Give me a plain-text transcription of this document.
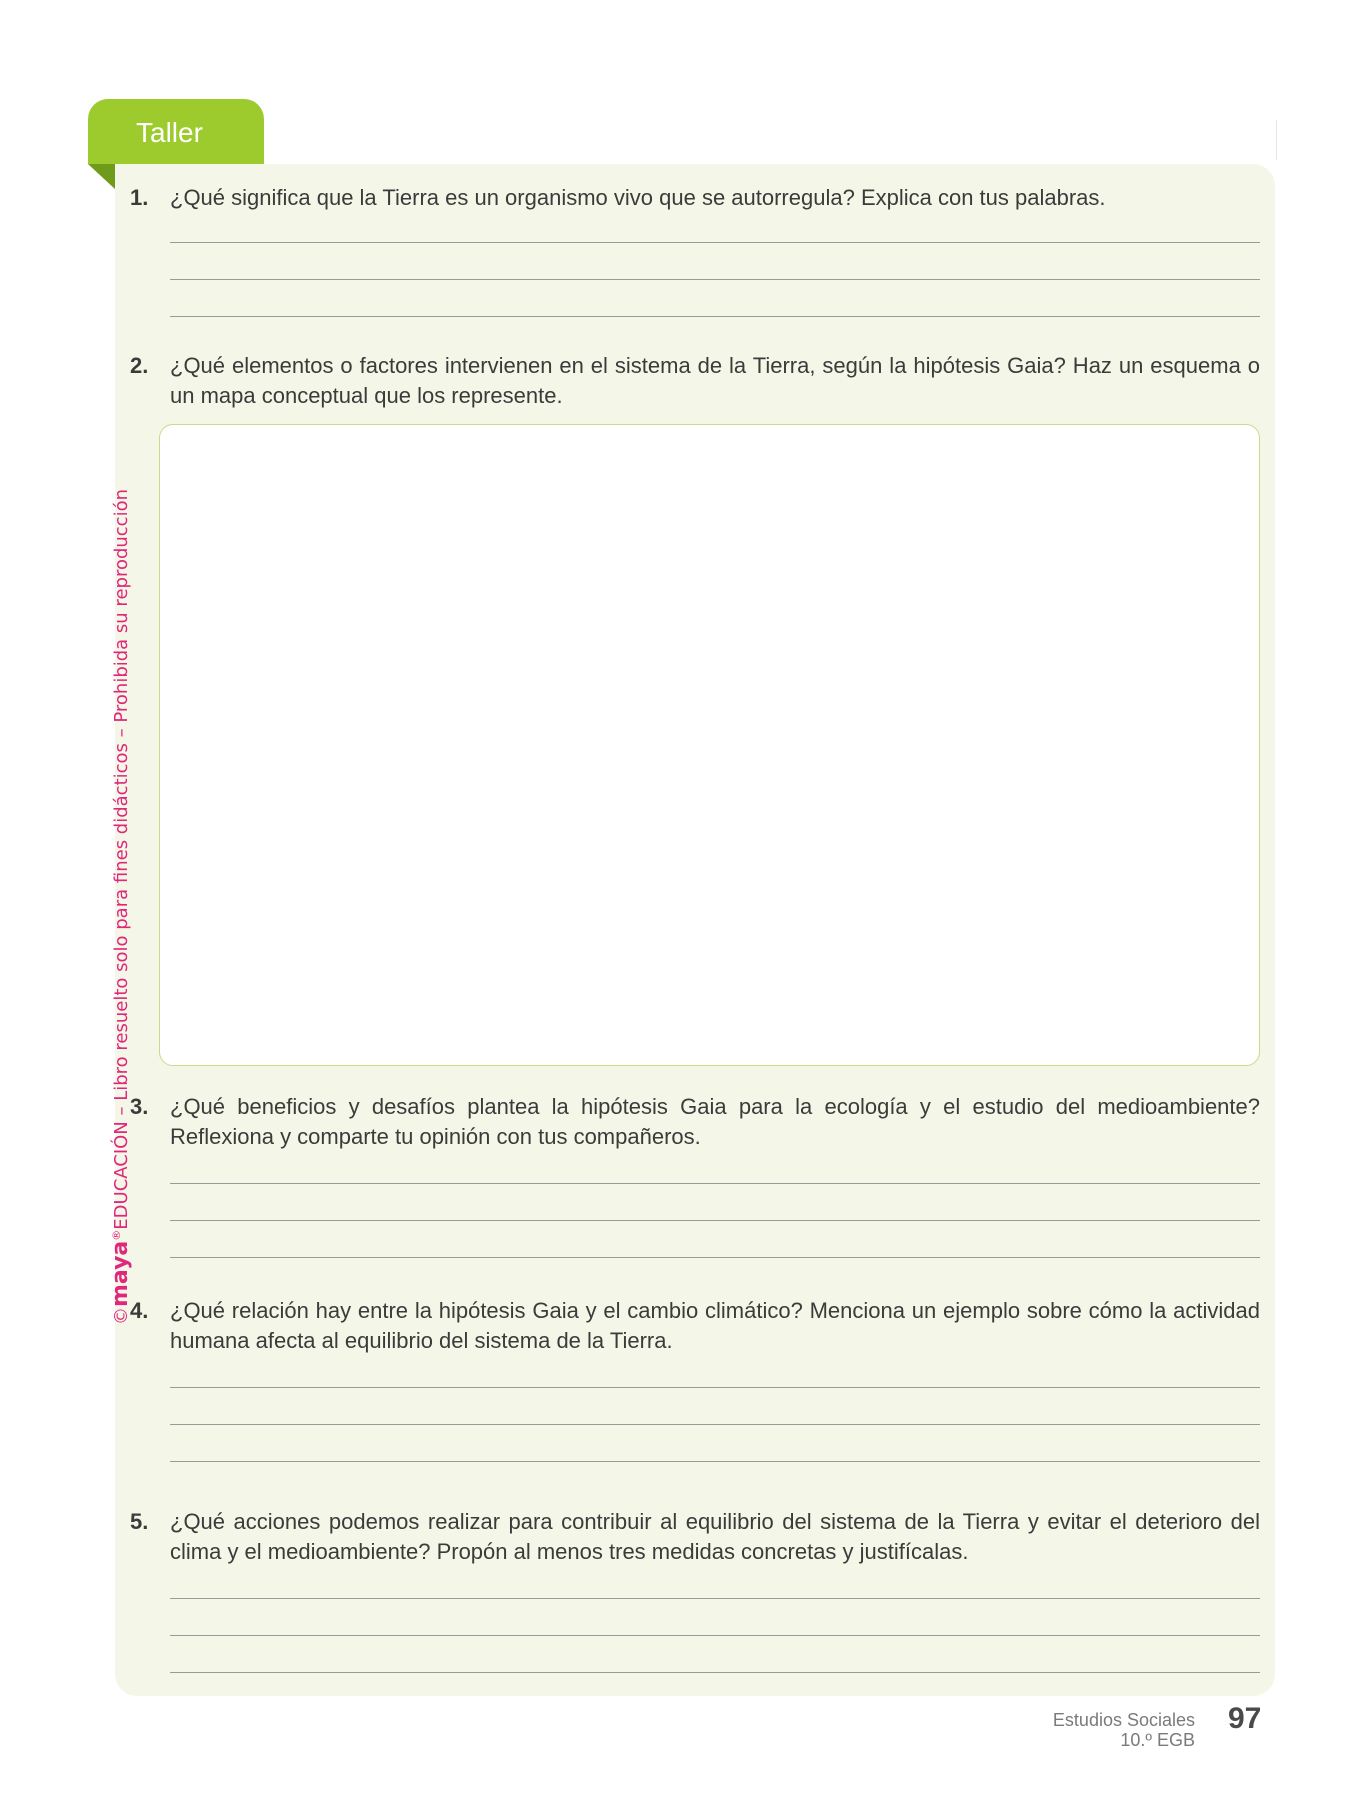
Taller
1. ¿Qué significa que la Tierra es un organismo vivo que se autorregula? Explica con tus palabras.
2. ¿Qué elementos o factores intervienen en el sistema de la Tierra, según la hipótesis Gaia? Haz un esquema o un mapa conceptual que los represente.
3. ¿Qué beneficios y desafíos plantea la hipótesis Gaia para la ecología y el estudio del medioambiente? Reflexiona y comparte tu opinión con tus compañeros.
4. ¿Qué relación hay entre la hipótesis Gaia y el cambio climático? Menciona un ejemplo sobre cómo la actividad humana afecta al equilibrio del sistema de la Tierra.
5. ¿Qué acciones podemos realizar para contribuir al equilibrio del sistema de la Tierra y evitar el deterioro del clima y el medioambiente? Propón al menos tres medidas concretas y justifícalas.
©maya®EDUCACIÓN – Libro resuelto solo para fines didácticos – Prohibida su reproducción
Estudios Sociales
10.º EGB
97
